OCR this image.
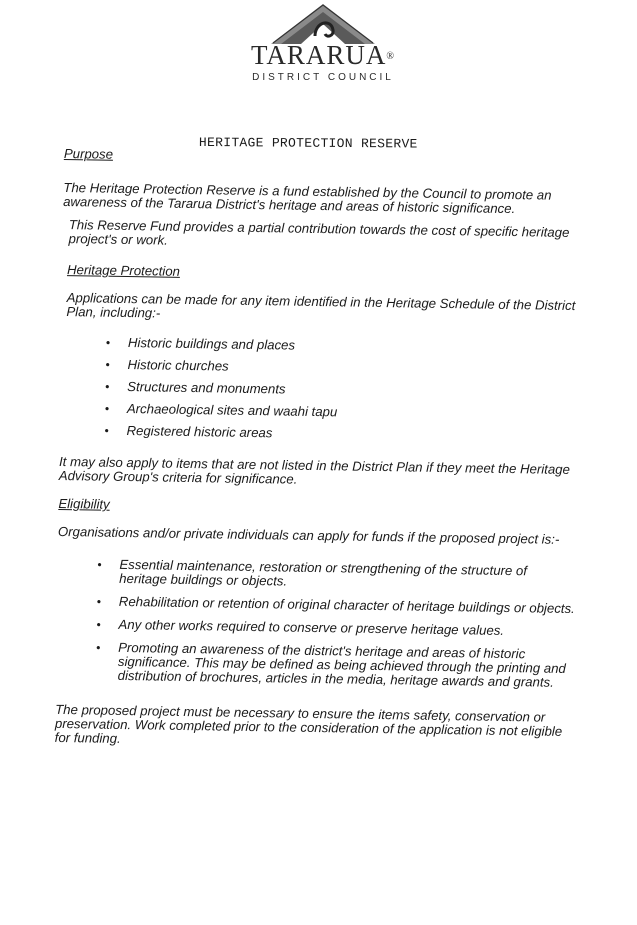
TARARUA®
DISTRICT COUNCIL
HERITAGE PROTECTION RESERVE

Purpose

The Heritage Protection Reserve is a fund established by the Council to promote an awareness of the Tararua District's heritage and areas of historic significance.

This Reserve Fund provides a partial contribution towards the cost of specific heritage project's or work.

Heritage Protection

Applications can be made for any item identified in the Heritage Schedule of the District Plan, including:-

• Historic buildings and places
• Historic churches
• Structures and monuments
• Archaeological sites and waahi tapu
• Registered historic areas

It may also apply to items that are not listed in the District Plan if they meet the Heritage Advisory Group's criteria for significance.

Eligibility

Organisations and/or private individuals can apply for funds if the proposed project is:-

• Essential maintenance, restoration or strengthening of the structure of heritage buildings or objects.
• Rehabilitation or retention of original character of heritage buildings or objects.
• Any other works required to conserve or preserve heritage values.
• Promoting an awareness of the district's heritage and areas of historic significance. This may be defined as being achieved through the printing and distribution of brochures, articles in the media, heritage awards and grants.

The proposed project must be necessary to ensure the items safety, conservation or preservation. Work completed prior to the consideration of the application is not eligible for funding.
